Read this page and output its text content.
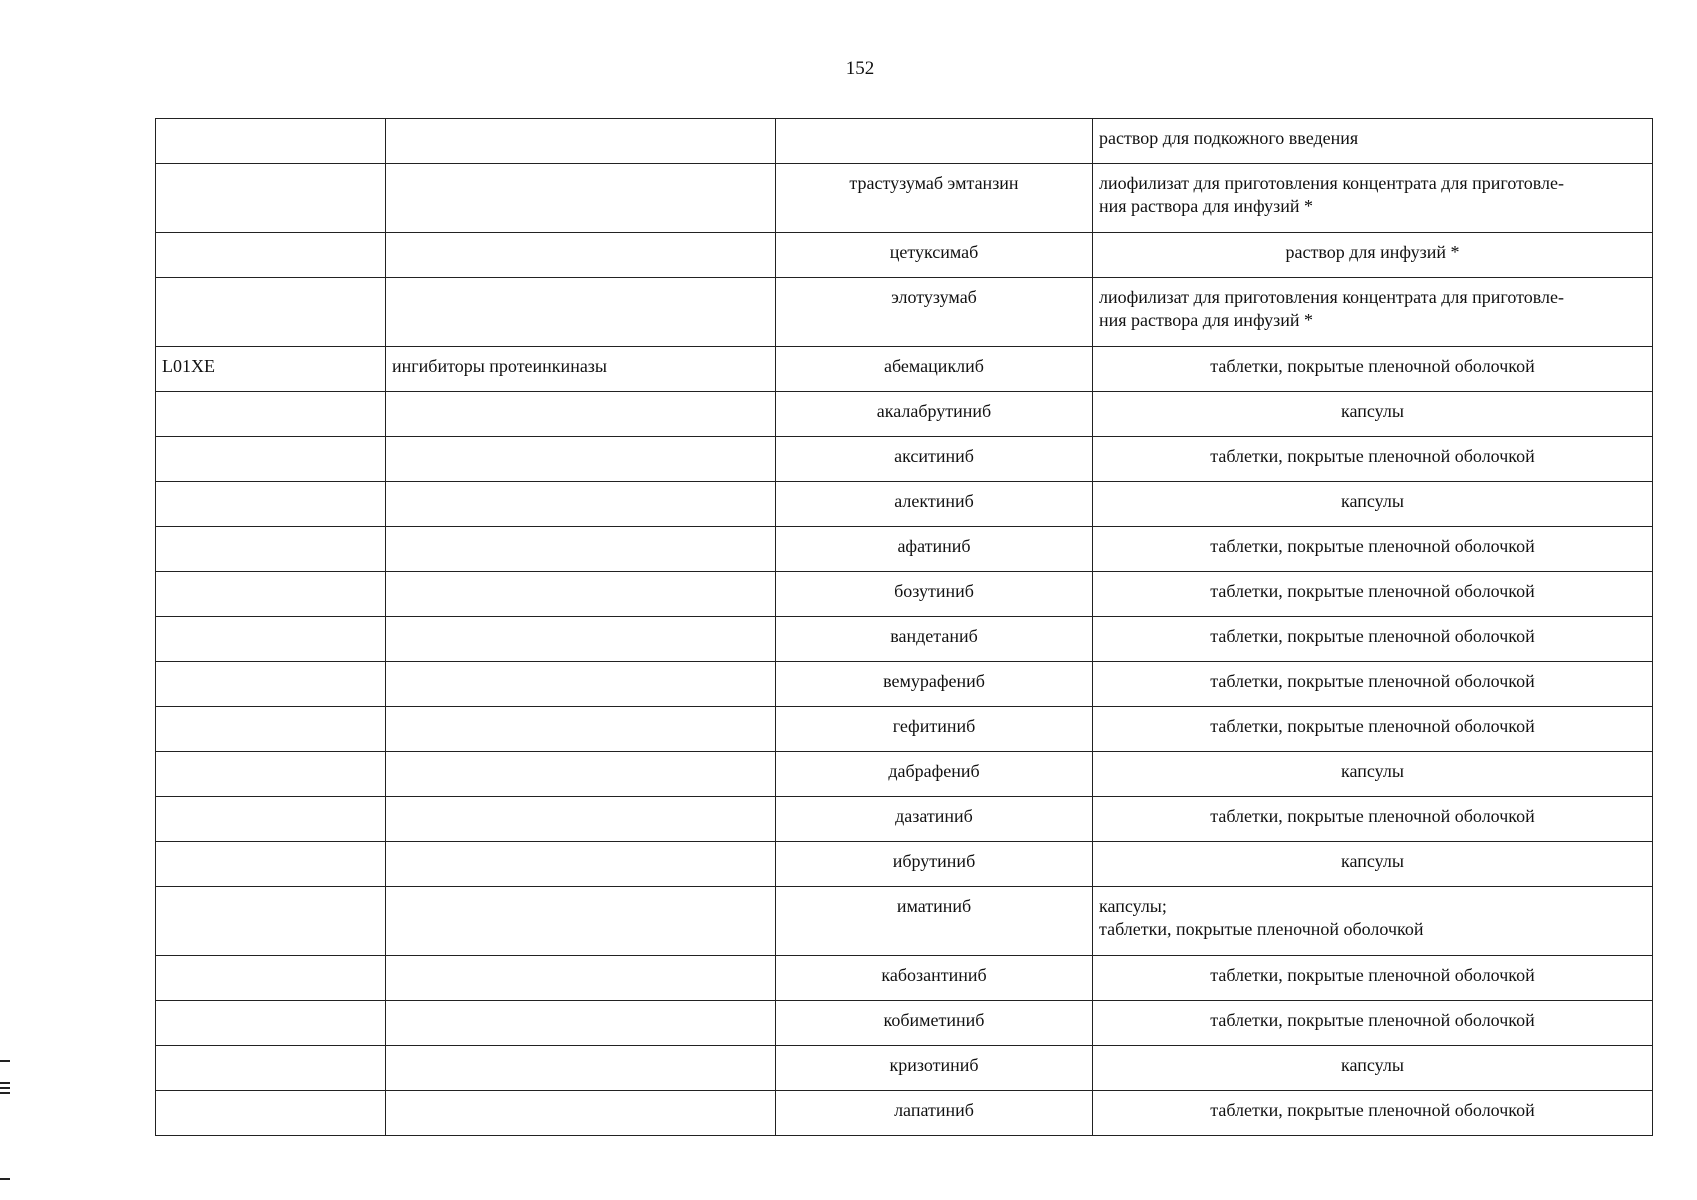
152
			раствор для подкожного введения
		трастузумаб эмтанзин	лиофилизат для приготовления концентрата для приготовле-
ния раствора для инфузий *
		цетуксимаб	раствор для инфузий *
		элотузумаб	лиофилизат для приготовления концентрата для приготовле-
ния раствора для инфузий *
L01XE	ингибиторы протеинкиназы	абемациклиб	таблетки, покрытые пленочной оболочкой
		акалабрутиниб	капсулы
		акситиниб	таблетки, покрытые пленочной оболочкой
		алектиниб	капсулы
		афатиниб	таблетки, покрытые пленочной оболочкой
		бозутиниб	таблетки, покрытые пленочной оболочкой
		вандетаниб	таблетки, покрытые пленочной оболочкой
		вемурафениб	таблетки, покрытые пленочной оболочкой
		гефитиниб	таблетки, покрытые пленочной оболочкой
		дабрафениб	капсулы
		дазатиниб	таблетки, покрытые пленочной оболочкой
		ибрутиниб	капсулы
		иматиниб	капсулы;
таблетки, покрытые пленочной оболочкой
		кабозантиниб	таблетки, покрытые пленочной оболочкой
		кобиметиниб	таблетки, покрытые пленочной оболочкой
		кризотиниб	капсулы
		лапатиниб	таблетки, покрытые пленочной оболочкой
